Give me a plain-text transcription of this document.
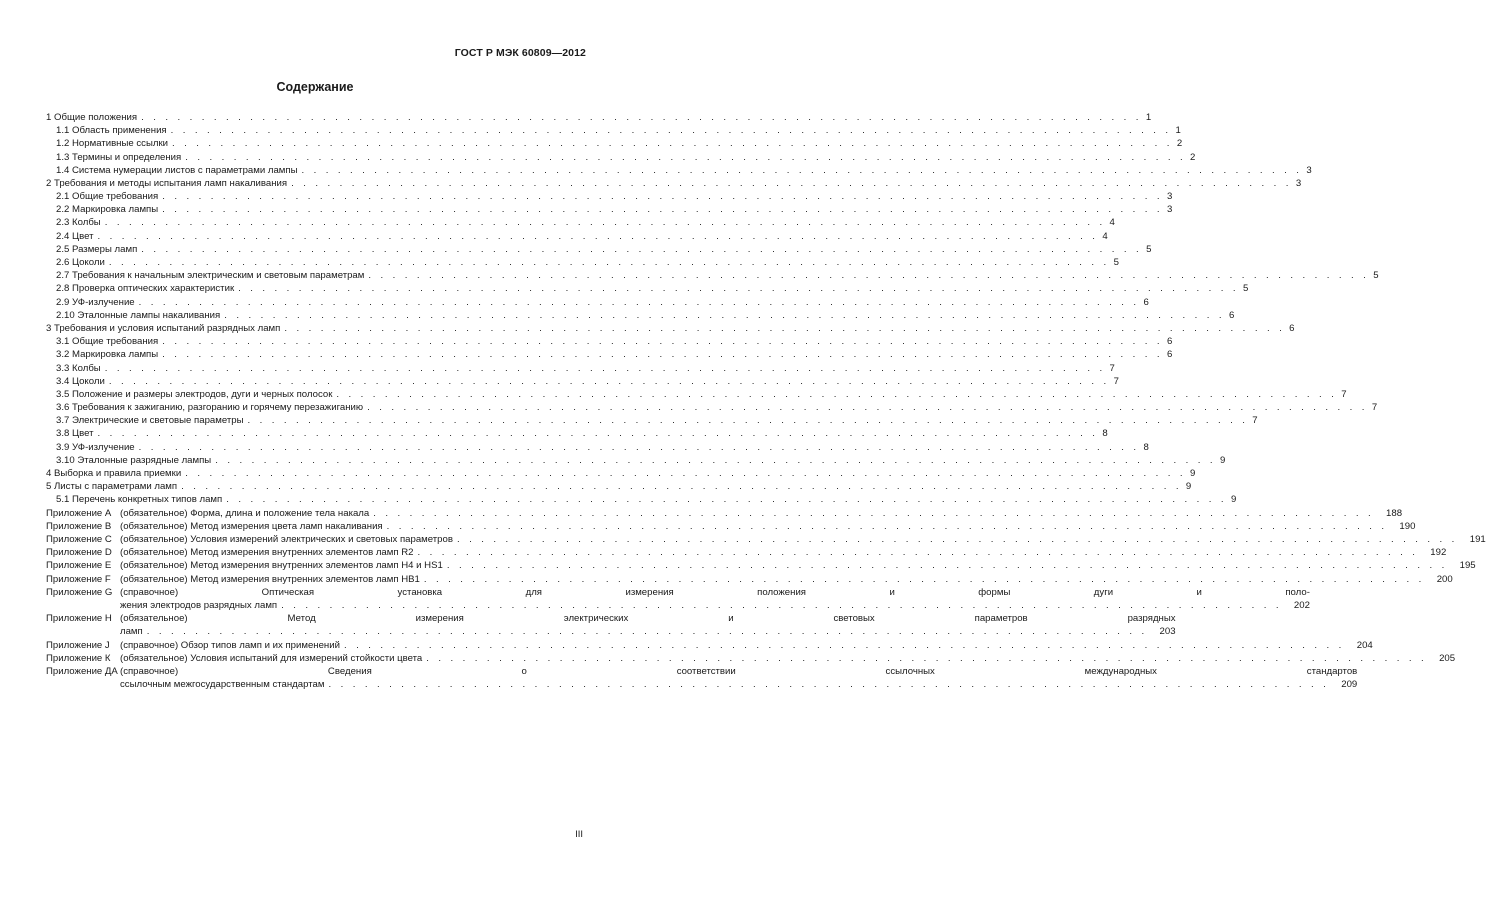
ГОСТ Р МЭК 60809—2012
Содержание
1 Общие положения . . . . . . . . . . . . . . . . . . . . . . . . . . . . . . . . . . . . . . . . . . . . . . . . . . . . . . . . . . . . . . . . . . . . . . . . . . . . . . . . . . . 1
1.1 Область применения . . . . . . . . . . . . . . . . . . . . . . . . . . . . . . . . . . . . . . . . . . . . . . . . . . . . . . . . . . . . . . . . . . . . . . . . . . . . . . . . . . . 1
1.2 Нормативные ссылки . . . . . . . . . . . . . . . . . . . . . . . . . . . . . . . . . . . . . . . . . . . . . . . . . . . . . . . . . . . . . . . . . . . . . . . . . . . . . . . . . . . 2
1.3 Термины и определения . . . . . . . . . . . . . . . . . . . . . . . . . . . . . . . . . . . . . . . . . . . . . . . . . . . . . . . . . . . . . . . . . . . . . . . . . . . . . . . . . . . 2
1.4 Система нумерации листов с параметрами лампы . . . . . . . . . . . . . . . . . . . . . . . . . . . . . . . . . . . . . . . . . . . . . . . . . . . . . . . . . . . . . . . . . . . . . . . . . . . . . . . . . . . 3
2 Требования и методы испытания ламп накаливания . . . . . . . . . . . . . . . . . . . . . . . . . . . . . . . . . . . . . . . . . . . . . . . . . . . . . . . . . . . . . . . . . . . . . . . . . . . . . . . . . . . 3
2.1 Общие требования . . . . . . . . . . . . . . . . . . . . . . . . . . . . . . . . . . . . . . . . . . . . . . . . . . . . . . . . . . . . . . . . . . . . . . . . . . . . . . . . . . . 3
2.2 Маркировка лампы . . . . . . . . . . . . . . . . . . . . . . . . . . . . . . . . . . . . . . . . . . . . . . . . . . . . . . . . . . . . . . . . . . . . . . . . . . . . . . . . . . . 3
2.3 Колбы . . . . . . . . . . . . . . . . . . . . . . . . . . . . . . . . . . . . . . . . . . . . . . . . . . . . . . . . . . . . . . . . . . . . . . . . . . . . . . . . . . . 4
2.4 Цвет . . . . . . . . . . . . . . . . . . . . . . . . . . . . . . . . . . . . . . . . . . . . . . . . . . . . . . . . . . . . . . . . . . . . . . . . . . . . . . . . . . . 4
2.5 Размеры ламп . . . . . . . . . . . . . . . . . . . . . . . . . . . . . . . . . . . . . . . . . . . . . . . . . . . . . . . . . . . . . . . . . . . . . . . . . . . . . . . . . . . 5
2.6 Цоколи . . . . . . . . . . . . . . . . . . . . . . . . . . . . . . . . . . . . . . . . . . . . . . . . . . . . . . . . . . . . . . . . . . . . . . . . . . . . . . . . . . . 5
2.7 Требования к начальным электрическим и световым параметрам . . . . . . . . . . . . . . . . . . . . . . . . . . . . . . . . . . . . . . . . . . . . . . . . . . . . . . . . . . . . . . . . . . . . . . . . . . . . . . . . . . . 5
2.8 Проверка оптических характеристик . . . . . . . . . . . . . . . . . . . . . . . . . . . . . . . . . . . . . . . . . . . . . . . . . . . . . . . . . . . . . . . . . . . . . . . . . . . . . . . . . . . 5
2.9 УФ-излучение . . . . . . . . . . . . . . . . . . . . . . . . . . . . . . . . . . . . . . . . . . . . . . . . . . . . . . . . . . . . . . . . . . . . . . . . . . . . . . . . . . . 6
2.10 Эталонные лампы накаливания . . . . . . . . . . . . . . . . . . . . . . . . . . . . . . . . . . . . . . . . . . . . . . . . . . . . . . . . . . . . . . . . . . . . . . . . . . . . . . . . . . . 6
3 Требования и условия испытаний разрядных ламп . . . . . . . . . . . . . . . . . . . . . . . . . . . . . . . . . . . . . . . . . . . . . . . . . . . . . . . . . . . . . . . . . . . . . . . . . . . . . . . . . . . 6
3.1 Общие требования . . . . . . . . . . . . . . . . . . . . . . . . . . . . . . . . . . . . . . . . . . . . . . . . . . . . . . . . . . . . . . . . . . . . . . . . . . . . . . . . . . . 6
3.2 Маркировка лампы . . . . . . . . . . . . . . . . . . . . . . . . . . . . . . . . . . . . . . . . . . . . . . . . . . . . . . . . . . . . . . . . . . . . . . . . . . . . . . . . . . . 6
3.3 Колбы . . . . . . . . . . . . . . . . . . . . . . . . . . . . . . . . . . . . . . . . . . . . . . . . . . . . . . . . . . . . . . . . . . . . . . . . . . . . . . . . . . . 7
3.4 Цоколи . . . . . . . . . . . . . . . . . . . . . . . . . . . . . . . . . . . . . . . . . . . . . . . . . . . . . . . . . . . . . . . . . . . . . . . . . . . . . . . . . . . 7
3.5 Положение и размеры электродов, дуги и черных полосок . . . . . . . . . . . . . . . . . . . . . . . . . . . . . . . . . . . . . . . . . . . . . . . . . . . . . . . . . . . . . . . . . . . . . . . . . . . . . . . . . . . 7
3.6 Требования к зажиганию, разгоранию и горячему перезажиганию . . . . . . . . . . . . . . . . . . . . . . . . . . . . . . . . . . . . . . . . . . . . . . . . . . . . . . . . . . . . . . . . . . . . . . . . . . . . . . . . . . . 7
3.7 Электрические и световые параметры . . . . . . . . . . . . . . . . . . . . . . . . . . . . . . . . . . . . . . . . . . . . . . . . . . . . . . . . . . . . . . . . . . . . . . . . . . . . . . . . . . . 7
3.8 Цвет . . . . . . . . . . . . . . . . . . . . . . . . . . . . . . . . . . . . . . . . . . . . . . . . . . . . . . . . . . . . . . . . . . . . . . . . . . . . . . . . . . . 8
3.9 УФ-излучение . . . . . . . . . . . . . . . . . . . . . . . . . . . . . . . . . . . . . . . . . . . . . . . . . . . . . . . . . . . . . . . . . . . . . . . . . . . . . . . . . . . 8
3.10 Эталонные разрядные лампы . . . . . . . . . . . . . . . . . . . . . . . . . . . . . . . . . . . . . . . . . . . . . . . . . . . . . . . . . . . . . . . . . . . . . . . . . . . . . . . . . . . 9
4 Выборка и правила приемки . . . . . . . . . . . . . . . . . . . . . . . . . . . . . . . . . . . . . . . . . . . . . . . . . . . . . . . . . . . . . . . . . . . . . . . . . . . . . . . . . . . 9
5 Листы с параметрами ламп . . . . . . . . . . . . . . . . . . . . . . . . . . . . . . . . . . . . . . . . . . . . . . . . . . . . . . . . . . . . . . . . . . . . . . . . . . . . . . . . . . . 9
5.1 Перечень конкретных типов ламп . . . . . . . . . . . . . . . . . . . . . . . . . . . . . . . . . . . . . . . . . . . . . . . . . . . . . . . . . . . . . . . . . . . . . . . . . . . . . . . . . . . 9
Приложение А (обязательное) Форма, длина и положение тела накала . . . . . . . . . . . . . . . . . . . . . . . . . . . . . . . . . . . . . . . . . . . . . . . . . . . . . . . . . . . . . . . . . . . . . . . . . . . . . . . . . . .	188
Приложение В (обязательное) Метод измерения цвета ламп накаливания . . . . . . . . . . . . . . . . . . . . . . . . . . . . . . . . . . . . . . . . . . . . . . . . . . . . . . . . . . . . . . . . . . . . . . . . . . . . . . . . . . .	190
Приложение С (обязательное) Условия измерений электрических и световых параметров . . . . . . . . . . . . . . . . . . . . . . . . . . . . . . . . . . . . . . . . . . . . . . . . . . . . . . . . . . . . . . . . . . . . . . . . . . . . . . . . . . .	191
Приложение D (обязательное) Метод измерения внутренних элементов ламп R2 . . . . . . . . . . . . . . . . . . . . . . . . . . . . . . . . . . . . . . . . . . . . . . . . . . . . . . . . . . . . . . . . . . . . . . . . . . . . . . . . . . .	192
Приложение Е (обязательное) Метод измерения внутренних элементов ламп H4 и HS1 . . . . . . . . . . . . . . . . . . . . . . . . . . . . . . . . . . . . . . . . . . . . . . . . . . . . . . . . . . . . . . . . . . . . . . . . . . . . . . . . . . .	195
Приложение F (обязательное) Метод измерения внутренних элементов ламп HB1 . . . . . . . . . . . . . . . . . . . . . . . . . . . . . . . . . . . . . . . . . . . . . . . . . . . . . . . . . . . . . . . . . . . . . . . . . . . . . . . . . . .	200
Приложение G (справочное) Оптическая установка для измерения положения и формы дуги и поло-
жения электродов разрядных ламп . . . . . . . . . . . . . . . . . . . . . . . . . . . . . . . . . . . . . . . . . . . . . . . . . . . . . . . . . . . . . . . . . . . . . . . . . . . . . . . . . . .	202
Приложение Н (обязательное) Метод измерения электрических и световых параметров разрядных
ламп . . . . . . . . . . . . . . . . . . . . . . . . . . . . . . . . . . . . . . . . . . . . . . . . . . . . . . . . . . . . . . . . . . . . . . . . . . . . . . . . . . .	203
Приложение J	(справочное) Обзор типов ламп и их применений . . . . . . . . . . . . . . . . . . . . . . . . . . . . . . . . . . . . . . . . . . . . . . . . . . . . . . . . . . . . . . . . . . . . . . . . . . . . . . . . . . .	204
Приложение К (обязательное) Условия испытаний для измерений стойкости цвета . . . . . . . . . . . . . . . . . . . . . . . . . . . . . . . . . . . . . . . . . . . . . . . . . . . . . . . . . . . . . . . . . . . . . . . . . . . . . . . . . . .	205
Приложение ДА (справочное) Сведения о соответствии ссылочных международных стандартов
ссылочным межгосударственным стандартам . . . . . . . . . . . . . . . . . . . . . . . . . . . . . . . . . . . . . . . . . . . . . . . . . . . . . . . . . . . . . . . . . . . . . . . . . . . . . . . . . . .	209
III
